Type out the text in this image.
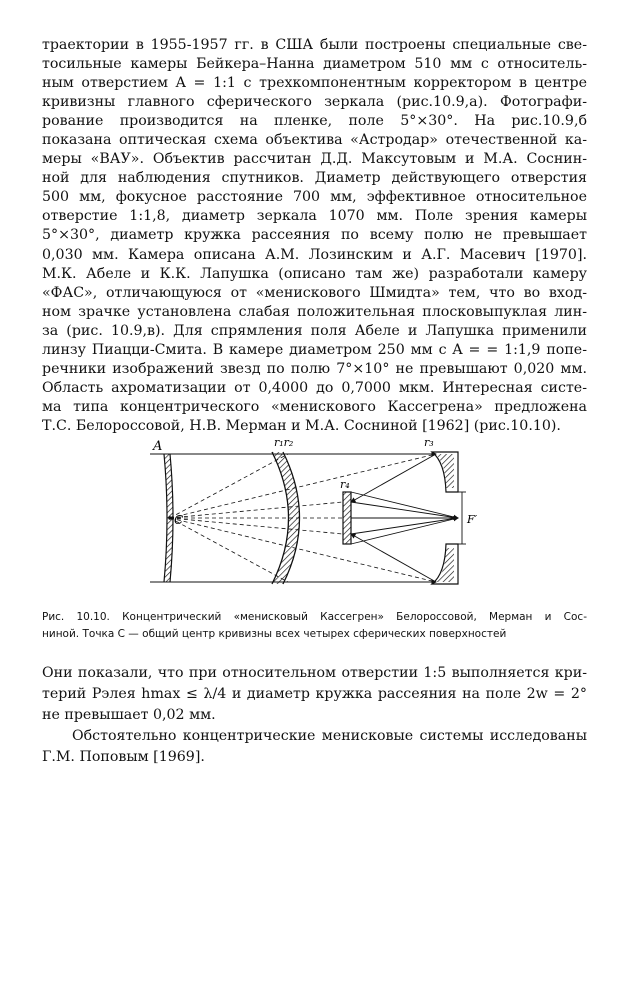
траектории в 1955-1957 гг. в США были построены специальные све-
тосильные камеры Бейкера–Нанна диаметром 510 мм с относитель-
ным отверстием A = 1:1 с трехкомпонентным корректором в центре
кривизны главного сферического зеркала (рис.10.9,a). Фотографи-
рование производится на пленке, поле 5°×30°. На рис.10.9,б
показана оптическая схема объектива «Астродар» отечественной ка-
меры «ВАУ». Объектив рассчитан Д.Д. Максутовым и М.А. Соснин-
ной для наблюдения спутников. Диаметр действующего отверстия
500 мм, фокусное расстояние 700 мм, эффективное относительное
отверстие 1:1,8, диаметр зеркала 1070 мм. Поле зрения камеры
5°×30°, диаметр кружка рассеяния по всему полю не превышает
0,030 мм. Камера описана А.М. Лозинским и А.Г. Масевич [1970].
М.К. Абеле и К.К. Лапушка (описано там же) разработали камеру
«ФАС», отличающуюся от «менискового Шмидта» тем, что во вход-
ном зрачке установлена слабая положительная плосковыпуклая лин-
за (рис. 10.9,в). Для спрямления поля Абеле и Лапушка применили
линзу Пиацци-Смита. В камере диаметром 250 мм с A = = 1:1,9 попе-
речники изображений звезд по полю 7°×10° не превышают 0,020 мм.
Область ахроматизации от 0,4000 до 0,7000 мкм. Интересная систе-
ма типа концентрического «менискового Кассегрена» предложена
Т.С. Белороссовой, Н.В. Мерман и М.А. Сосниной [1962] (рис.10.10).
A
C
r₁r₂	r₃
r₄
F′
Рис. 10.10. Концентрический «менисковый Кассегрен» Белороссовой, Мерман и Сос-
ниной. Точка C — общий центр кривизны всех четырех сферических поверхностей
Они показали, что при относительном отверстии 1:5 выполняется кри-
терий Рэлея hmax ≤ λ/4 и диаметр кружка рассеяния на поле 2w = 2°
не превышает 0,02 мм.
Обстоятельно концентрические менисковые системы исследованы
Г.М. Поповым [1969].
